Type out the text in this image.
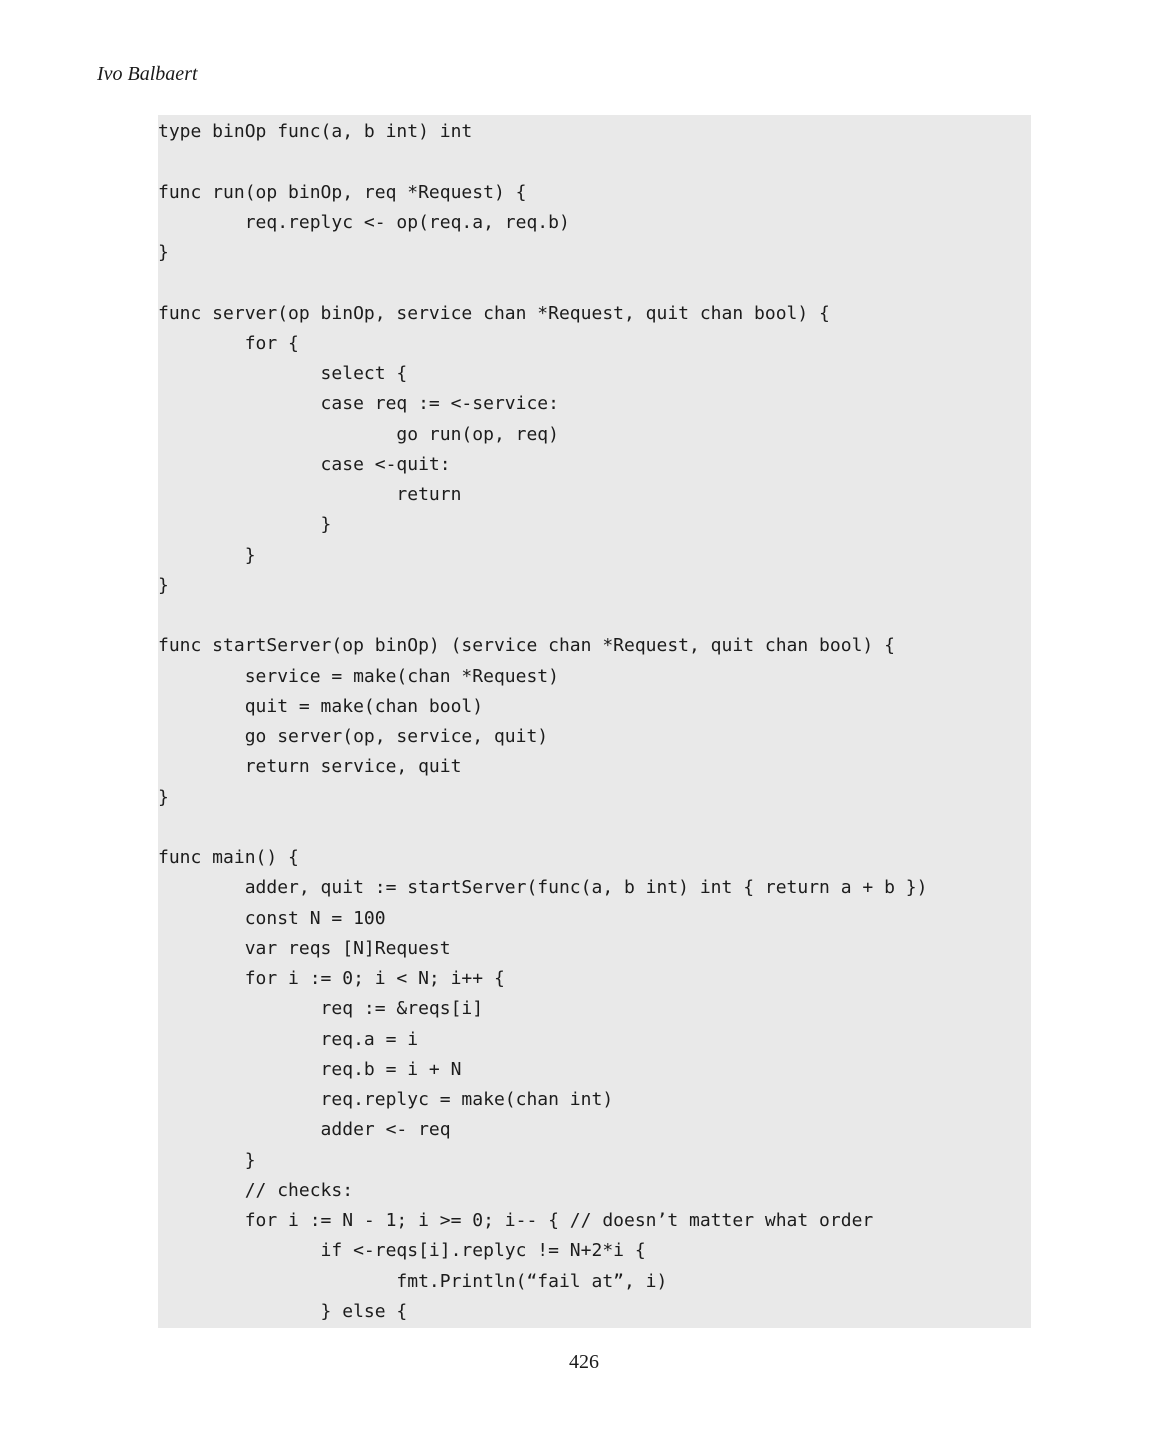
Ivo Balbaert

type binOp func(a, b int) int
func run(op binOp, req *Request) {
req.replyc <- op(req.a, req.b)
}
func server(op binOp, service chan *Request, quit chan bool) {
for {
select {
case req := <-service:
go run(op, req)
case <-quit:
return
}
}
}
func startServer(op binOp) (service chan *Request, quit chan bool) {
service = make(chan *Request)
quit = make(chan bool)
go server(op, service, quit)
return service, quit
}
func main() {
adder, quit := startServer(func(a, b int) int { return a + b })
const N = 100
var reqs [N]Request
for i := 0; i < N; i++ {
req := &reqs[i]
req.a = i
req.b = i + N
req.replyc = make(chan int)
adder <- req
}
// checks:
for i := N - 1; i >= 0; i-- { // doesn’t matter what order
if <-reqs[i].replyc != N+2*i {
fmt.Println(“fail at”, i)
} else {
426
